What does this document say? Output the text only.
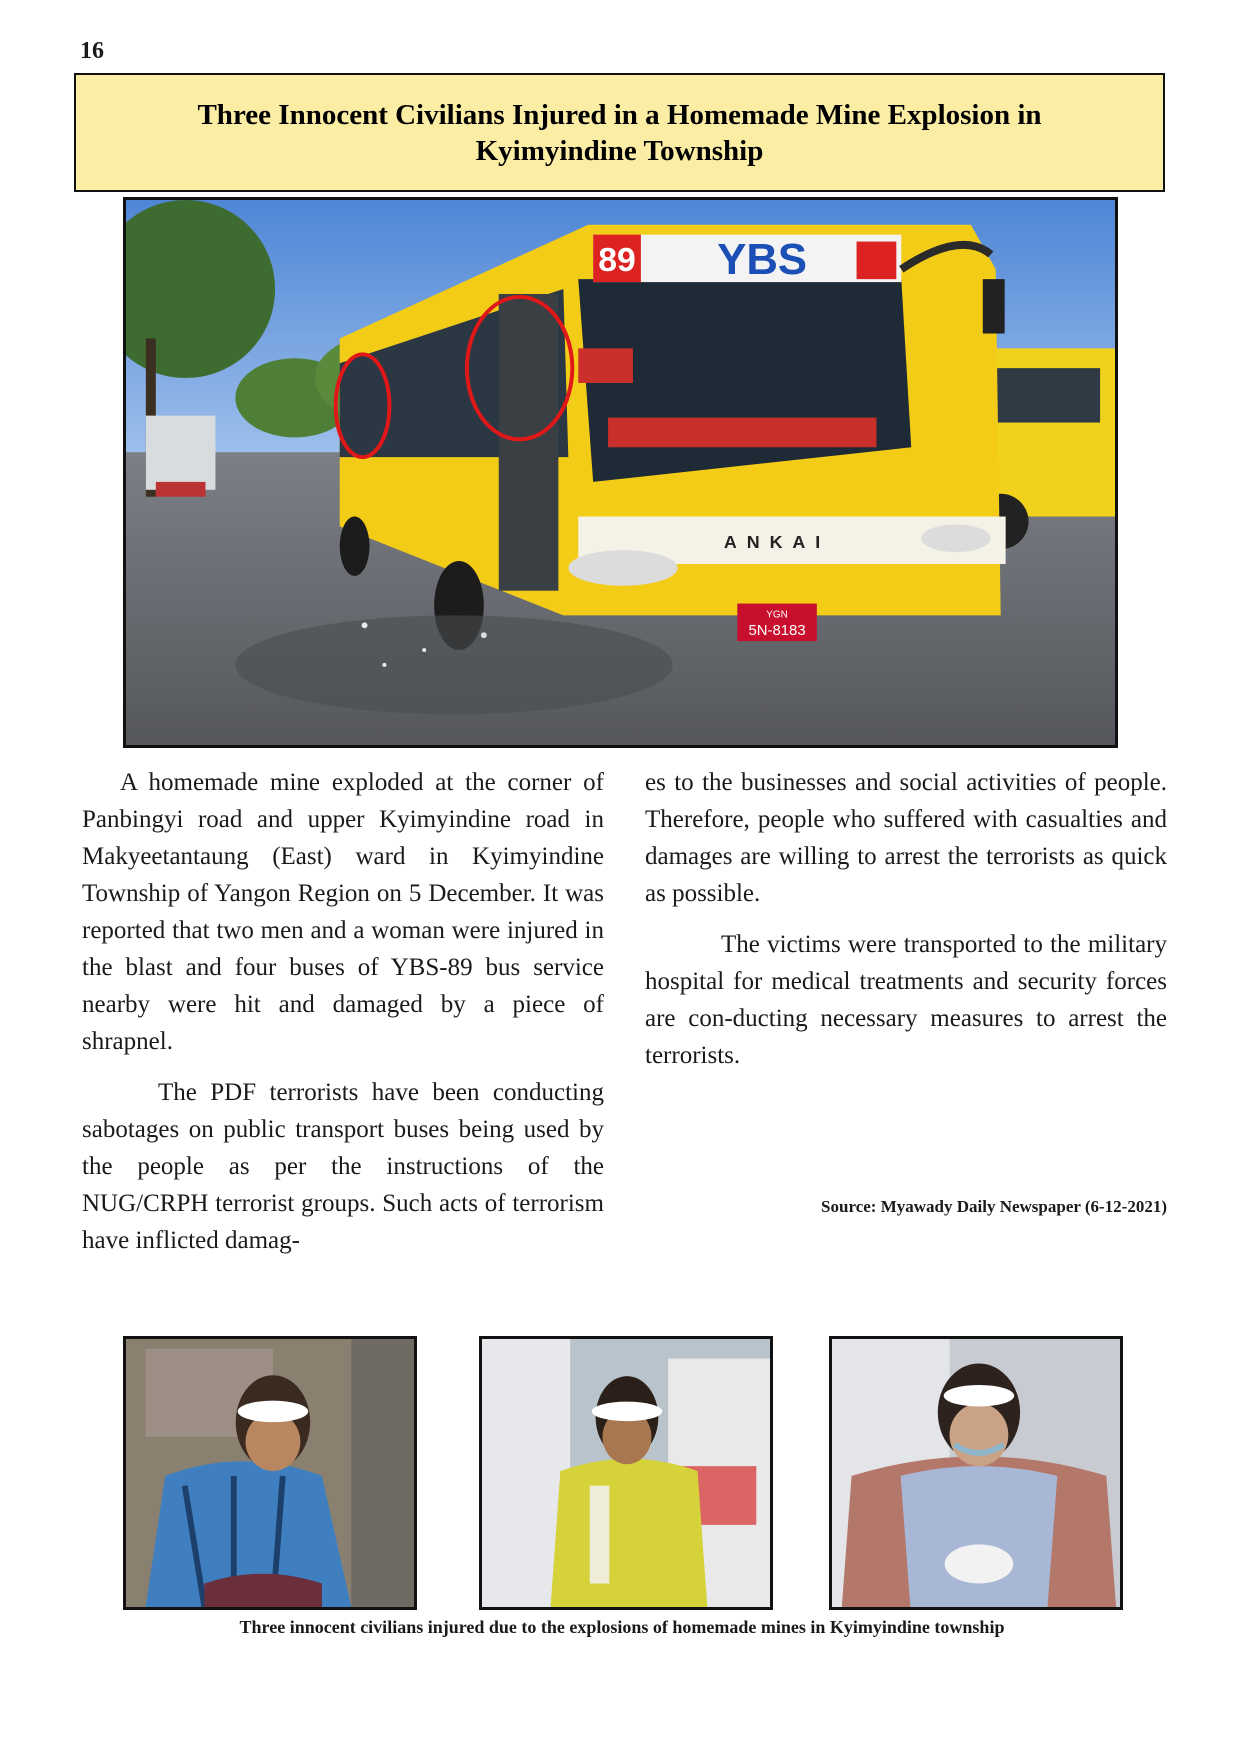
16
Three Innocent Civilians Injured in a Homemade Mine Explosion in Kyimyindine Township
89 YBS
ANKAI
YGN
5N-8183

A homemade mine exploded at the corner of Panbingyi road and upper Kyimyindine road in Makyeetantaung (East) ward in Kyimyindine Township of Yangon Region on 5 December. It was reported that two men and a woman were injured in the blast and four buses of YBS-89 bus service nearby were hit and damaged by a piece of shrapnel.

The PDF terrorists have been conducting sabotages on public transport buses being used by the people as per the instructions of the NUG/CRPH terrorist groups. Such acts of terrorism have inflicted damag-

es to the businesses and social activities of people. Therefore, people who suffered with casualties and damages are willing to arrest the terrorists as quick as possible.

The victims were transported to the military hospital for medical treatments and security forces are con-ducting necessary measures to arrest the terrorists.

Source: Myawady Daily Newspaper (6-12-2021)
Three innocent civilians injured due to the explosions of homemade mines in Kyimyindine township
